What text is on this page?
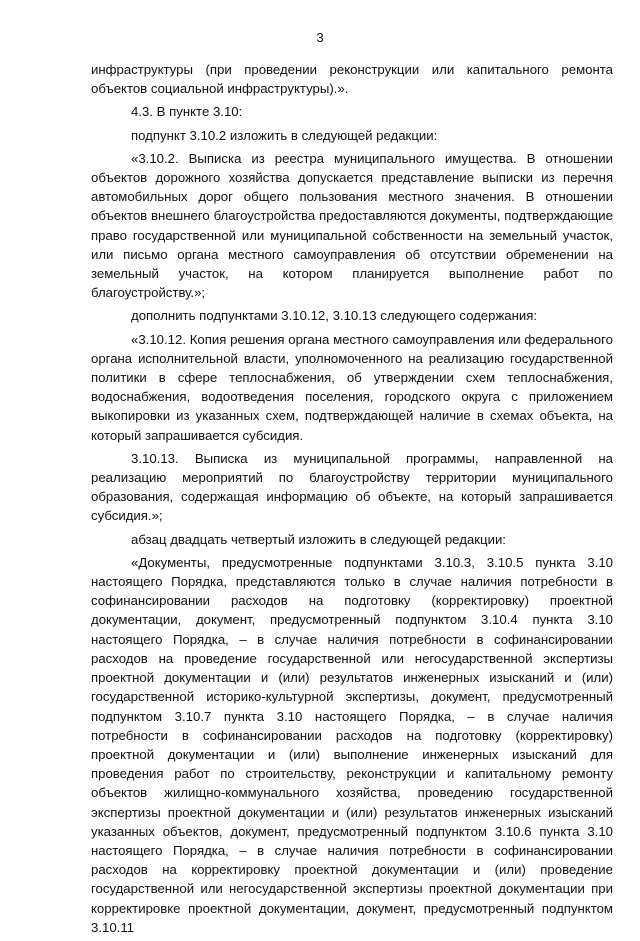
3

инфраструктуры (при проведении реконструкции или капитального ремонта объектов социальной инфраструктуры).».

4.3. В пункте 3.10:

подпункт 3.10.2 изложить в следующей редакции:

«3.10.2. Выписка из реестра муниципального имущества. В отношении объектов дорожного хозяйства допускается представление выписки из перечня автомобильных дорог общего пользования местного значения. В отношении объектов внешнего благоустройства предоставляются документы, подтверждающие право государственной или муниципальной собственности на земельный участок, или письмо органа местного самоуправления об отсутствии обременении на земельный участок, на котором планируется выполнение работ по благоустройству.»;

дополнить подпунктами 3.10.12, 3.10.13 следующего содержания:

«3.10.12. Копия решения органа местного самоуправления или федерального органа исполнительной власти, уполномоченного на реализацию государственной политики в сфере теплоснабжения, об утверждении схем теплоснабжения, водоснабжения, водоотведения поселения, городского округа с приложением выкопировки из указанных схем, подтверждающей наличие в схемах объекта, на который запрашивается субсидия.

3.10.13. Выписка из муниципальной программы, направленной на реализацию мероприятий по благоустройству территории муниципального образования, содержащая информацию об объекте, на который запрашивается субсидия.»;

абзац двадцать четвертый изложить в следующей редакции:

«Документы, предусмотренные подпунктами 3.10.3, 3.10.5 пункта 3.10 настоящего Порядка, представляются только в случае наличия потребности в софинансировании расходов на подготовку (корректировку) проектной документации, документ, предусмотренный подпунктом 3.10.4 пункта 3.10 настоящего Порядка, – в случае наличия потребности в софинансировании расходов на проведение государственной или негосударственной экспертизы проектной документации и (или) результатов инженерных изысканий и (или) государственной историко-культурной экспертизы, документ, предусмотренный подпунктом 3.10.7 пункта 3.10 настоящего Порядка, – в случае наличия потребности в софинансировании расходов на подготовку (корректировку) проектной документации и (или) выполнение инженерных изысканий для проведения работ по строительству, реконструкции и капитальному ремонту объектов жилищно-коммунального хозяйства, проведению государственной экспертизы проектной документации и (или) результатов инженерных изысканий указанных объектов, документ, предусмотренный подпунктом 3.10.6 пункта 3.10 настоящего Порядка, – в случае наличия потребности в софинансировании расходов на корректировку проектной документации и (или) проведение государственной или негосударственной экспертизы проектной документации при корректировке проектной документации, документ, предусмотренный подпунктом 3.10.11
